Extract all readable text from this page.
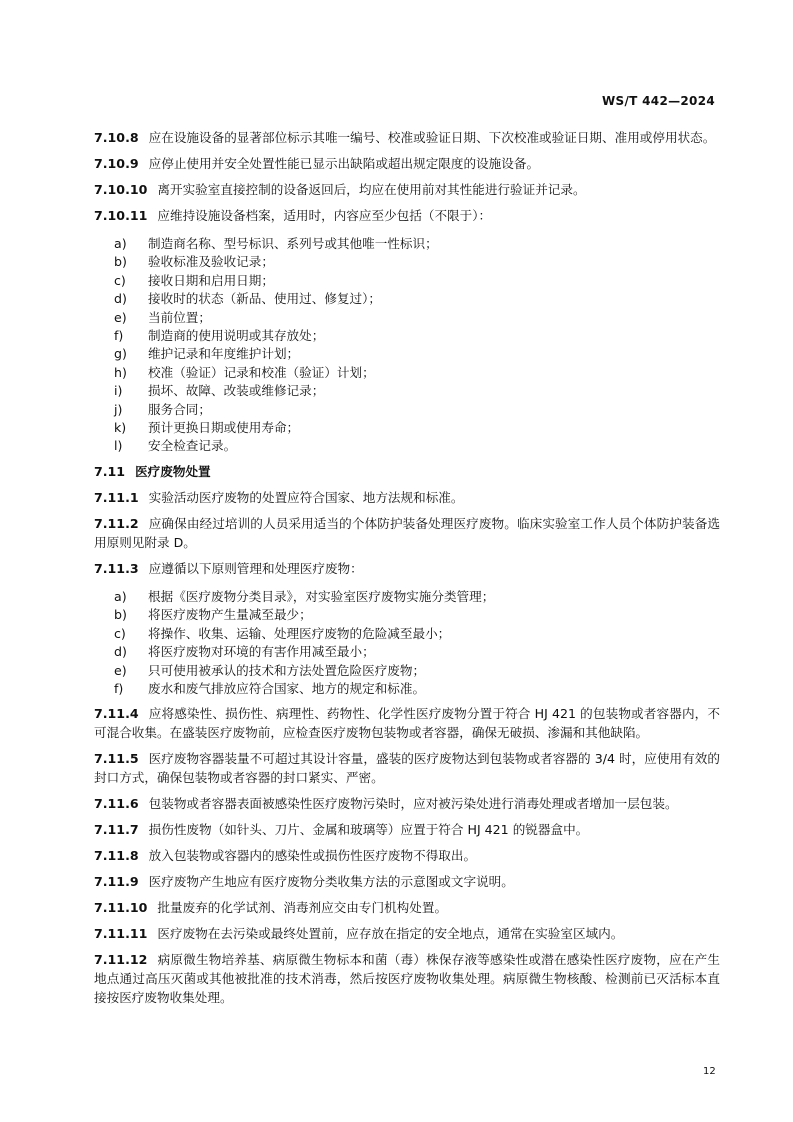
WS/T 442—2024

7.10.8 应在设施设备的显著部位标示其唯一编号、校准或验证日期、下次校准或验证日期、准用或停用状态。

7.10.9 应停止使用并安全处置性能已显示出缺陷或超出规定限度的设施设备。

7.10.10 离开实验室直接控制的设备返回后，均应在使用前对其性能进行验证并记录。

7.10.11 应维持设施设备档案，适用时，内容应至少包括（不限于）：

a)	制造商名称、型号标识、系列号或其他唯一性标识；
b)	验收标准及验收记录；
c)	接收日期和启用日期；
d)	接收时的状态（新品、使用过、修复过）；
e)	当前位置；
f)	制造商的使用说明或其存放处；
g)	维护记录和年度维护计划；
h)	校准（验证）记录和校准（验证）计划；
i)	损坏、故障、改装或维修记录；
j)	服务合同；
k)	预计更换日期或使用寿命；
l)	安全检查记录。

7.11 医疗废物处置

7.11.1 实验活动医疗废物的处置应符合国家、地方法规和标准。

7.11.2 应确保由经过培训的人员采用适当的个体防护装备处理医疗废物。临床实验室工作人员个体防护装备选用原则见附录 D。

7.11.3 应遵循以下原则管理和处理医疗废物：

a)	根据《医疗废物分类目录》，对实验室医疗废物实施分类管理；
b)	将医疗废物产生量减至最少；
c)	将操作、收集、运输、处理医疗废物的危险减至最小；
d)	将医疗废物对环境的有害作用减至最小；
e)	只可使用被承认的技术和方法处置危险医疗废物；
f)	废水和废气排放应符合国家、地方的规定和标准。

7.11.4 应将感染性、损伤性、病理性、药物性、化学性医疗废物分置于符合 HJ 421 的包装物或者容器内，不可混合收集。在盛装医疗废物前，应检查医疗废物包装物或者容器，确保无破损、渗漏和其他缺陷。

7.11.5 医疗废物容器装量不可超过其设计容量，盛装的医疗废物达到包装物或者容器的 3/4 时，应使用有效的封口方式，确保包装物或者容器的封口紧实、严密。

7.11.6 包装物或者容器表面被感染性医疗废物污染时，应对被污染处进行消毒处理或者增加一层包装。

7.11.7 损伤性废物（如针头、刀片、金属和玻璃等）应置于符合 HJ 421 的锐器盒中。

7.11.8 放入包装物或容器内的感染性或损伤性医疗废物不得取出。

7.11.9 医疗废物产生地应有医疗废物分类收集方法的示意图或文字说明。

7.11.10 批量废弃的化学试剂、消毒剂应交由专门机构处置。

7.11.11 医疗废物在去污染或最终处置前，应存放在指定的安全地点，通常在实验室区域内。

7.11.12 病原微生物培养基、病原微生物标本和菌（毒）株保存液等感染性或潜在感染性医疗废物，应在产生地点通过高压灭菌或其他被批准的技术消毒，然后按医疗废物收集处理。病原微生物核酸、检测前已灭活标本直接按医疗废物收集处理。

12
